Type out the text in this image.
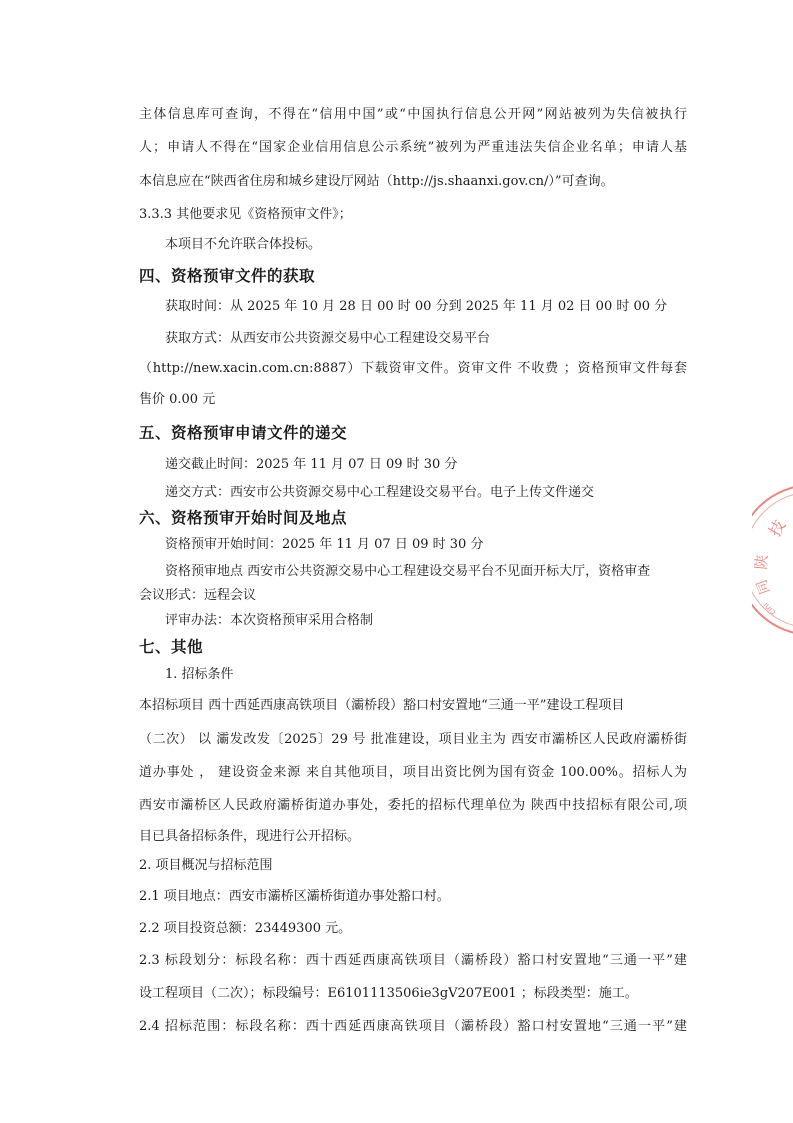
主体信息库可查询，不得在“信用中国”或“中国执行信息公开网”网站被列为失信被执行
人；申请人不得在“国家企业信用信息公示系统”被列为严重违法失信企业名单；申请人基
本信息应在“陕西省住房和城乡建设厅网站（http://js.shaanxi.gov.cn/）”可查询。
3.3.3 其他要求见《资格预审文件》；
本项目不允许联合体投标。
四、资格预审文件的获取
获取时间：从 2025 年 10 月 28 日 00 时 00 分到 2025 年 11 月 02 日 00 时 00 分
获取方式：从西安市公共资源交易中心工程建设交易平台
（http://new.xacin.com.cn:8887）下载资审文件。资审文件 不收费 ；资格预审文件每套
售价 0.00 元
五、资格预审申请文件的递交
递交截止时间：2025 年 11 月 07 日 09 时 30 分
递交方式：西安市公共资源交易中心工程建设交易平台。电子上传文件递交
六、资格预审开始时间及地点
资格预审开始时间：2025 年 11 月 07 日 09 时 30 分
资格预审地点 西安市公共资源交易中心工程建设交易平台不见面开标大厅，资格审查
会议形式：远程会议
评审办法：本次资格预审采用合格制
七、其他
1. 招标条件
本招标项目 西十西延西康高铁项目（灞桥段）豁口村安置地“三通一平”建设工程项目
（二次） 以 灞发改发〔2025〕29 号 批准建设，项目业主为 西安市灞桥区人民政府灞桥街
道办事处 ， 建设资金来源 来自其他项目，项目出资比例为国有资金 100.00%。招标人为
西安市灞桥区人民政府灞桥街道办事处，委托的招标代理单位为 陕西中技招标有限公司,项
目已具备招标条件，现进行公开招标。
2. 项目概况与招标范围
2.1 项目地点：西安市灞桥区灞桥街道办事处豁口村。
2.2 项目投资总额：23449300 元。
2.3 标段划分：标段名称：西十西延西康高铁项目（灞桥段）豁口村安置地“三通一平”建
设工程项目（二次）；标段编号：E6101113506ie3gV207E001 ；标段类型：施工。
2.4 招标范围：标段名称：西十西延西康高铁项目（灞桥段）豁口村安置地“三通一平”建
技
陕
同
cini
